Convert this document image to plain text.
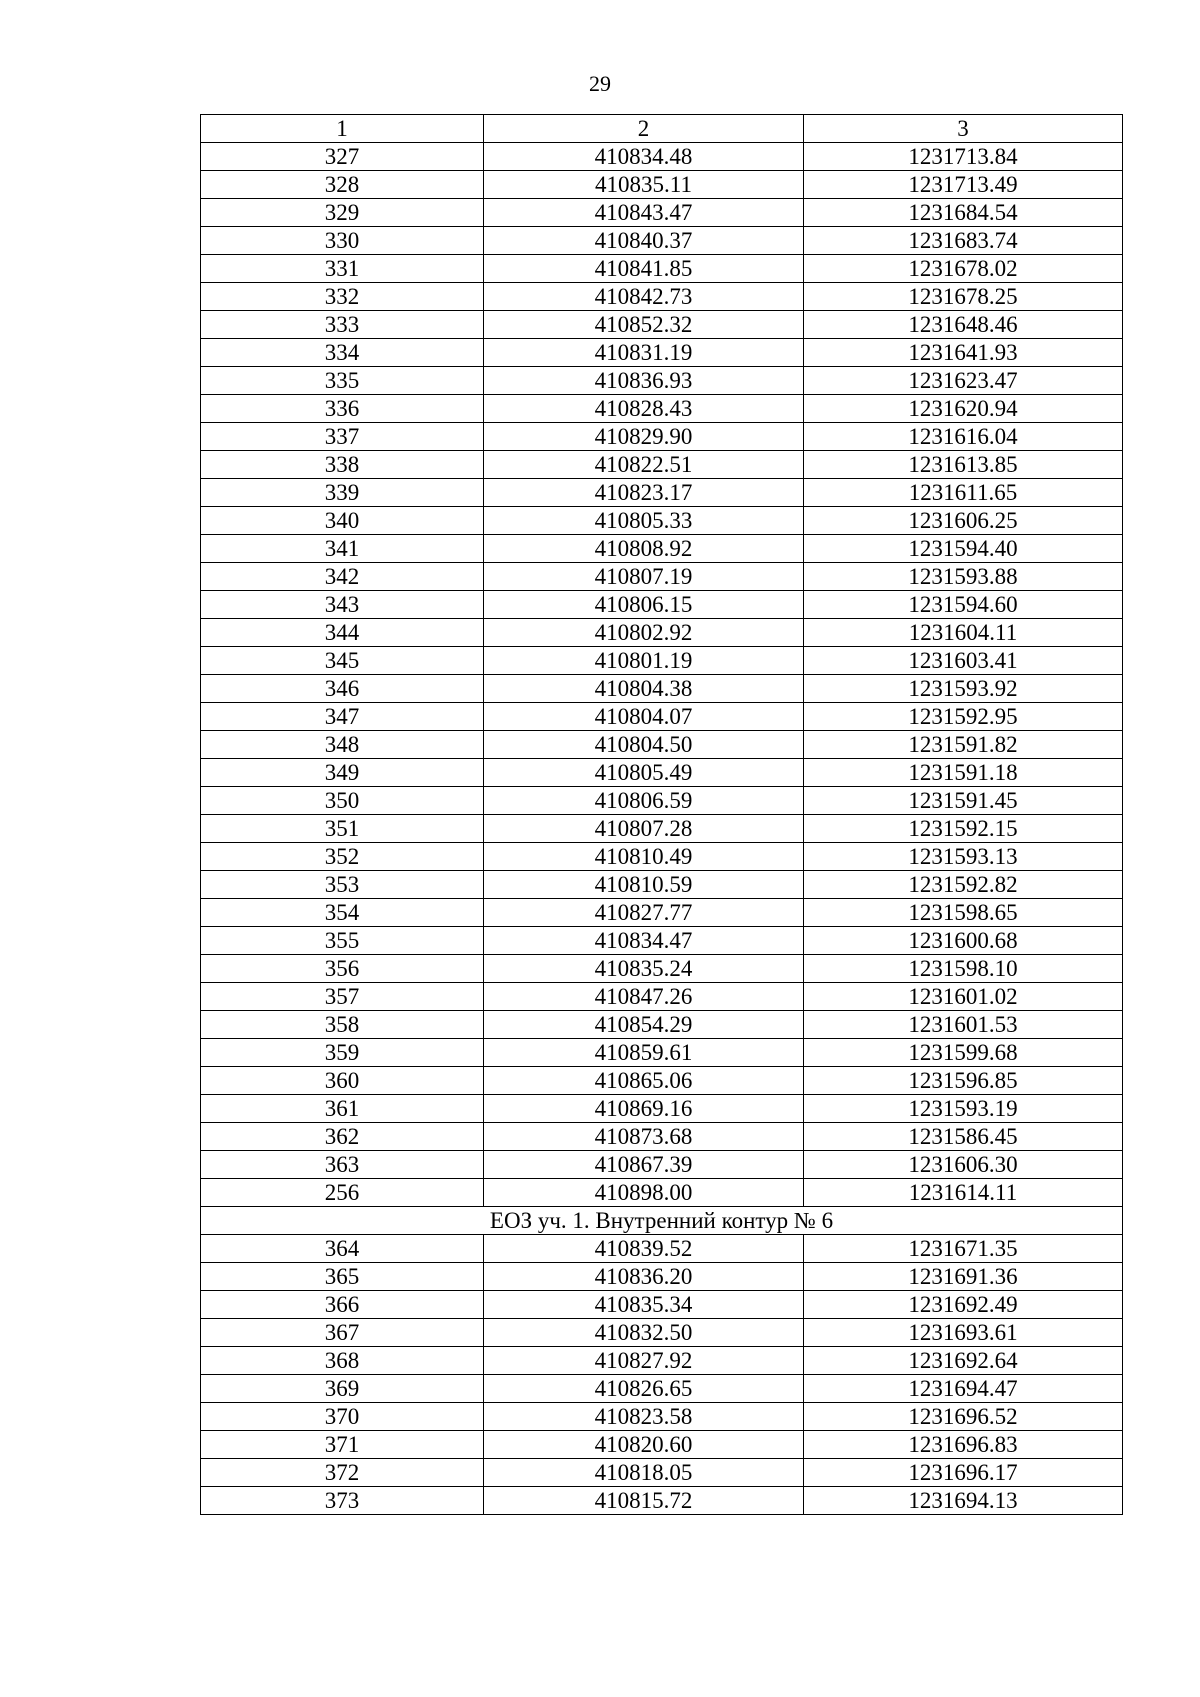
29
1	2	3
327	410834.48	1231713.84
328	410835.11	1231713.49
329	410843.47	1231684.54
330	410840.37	1231683.74
331	410841.85	1231678.02
332	410842.73	1231678.25
333	410852.32	1231648.46
334	410831.19	1231641.93
335	410836.93	1231623.47
336	410828.43	1231620.94
337	410829.90	1231616.04
338	410822.51	1231613.85
339	410823.17	1231611.65
340	410805.33	1231606.25
341	410808.92	1231594.40
342	410807.19	1231593.88
343	410806.15	1231594.60
344	410802.92	1231604.11
345	410801.19	1231603.41
346	410804.38	1231593.92
347	410804.07	1231592.95
348	410804.50	1231591.82
349	410805.49	1231591.18
350	410806.59	1231591.45
351	410807.28	1231592.15
352	410810.49	1231593.13
353	410810.59	1231592.82
354	410827.77	1231598.65
355	410834.47	1231600.68
356	410835.24	1231598.10
357	410847.26	1231601.02
358	410854.29	1231601.53
359	410859.61	1231599.68
360	410865.06	1231596.85
361	410869.16	1231593.19
362	410873.68	1231586.45
363	410867.39	1231606.30
256	410898.00	1231614.11
ЕОЗ уч. 1. Внутренний контур № 6		
364	410839.52	1231671.35
365	410836.20	1231691.36
366	410835.34	1231692.49
367	410832.50	1231693.61
368	410827.92	1231692.64
369	410826.65	1231694.47
370	410823.58	1231696.52
371	410820.60	1231696.83
372	410818.05	1231696.17
373	410815.72	1231694.13
